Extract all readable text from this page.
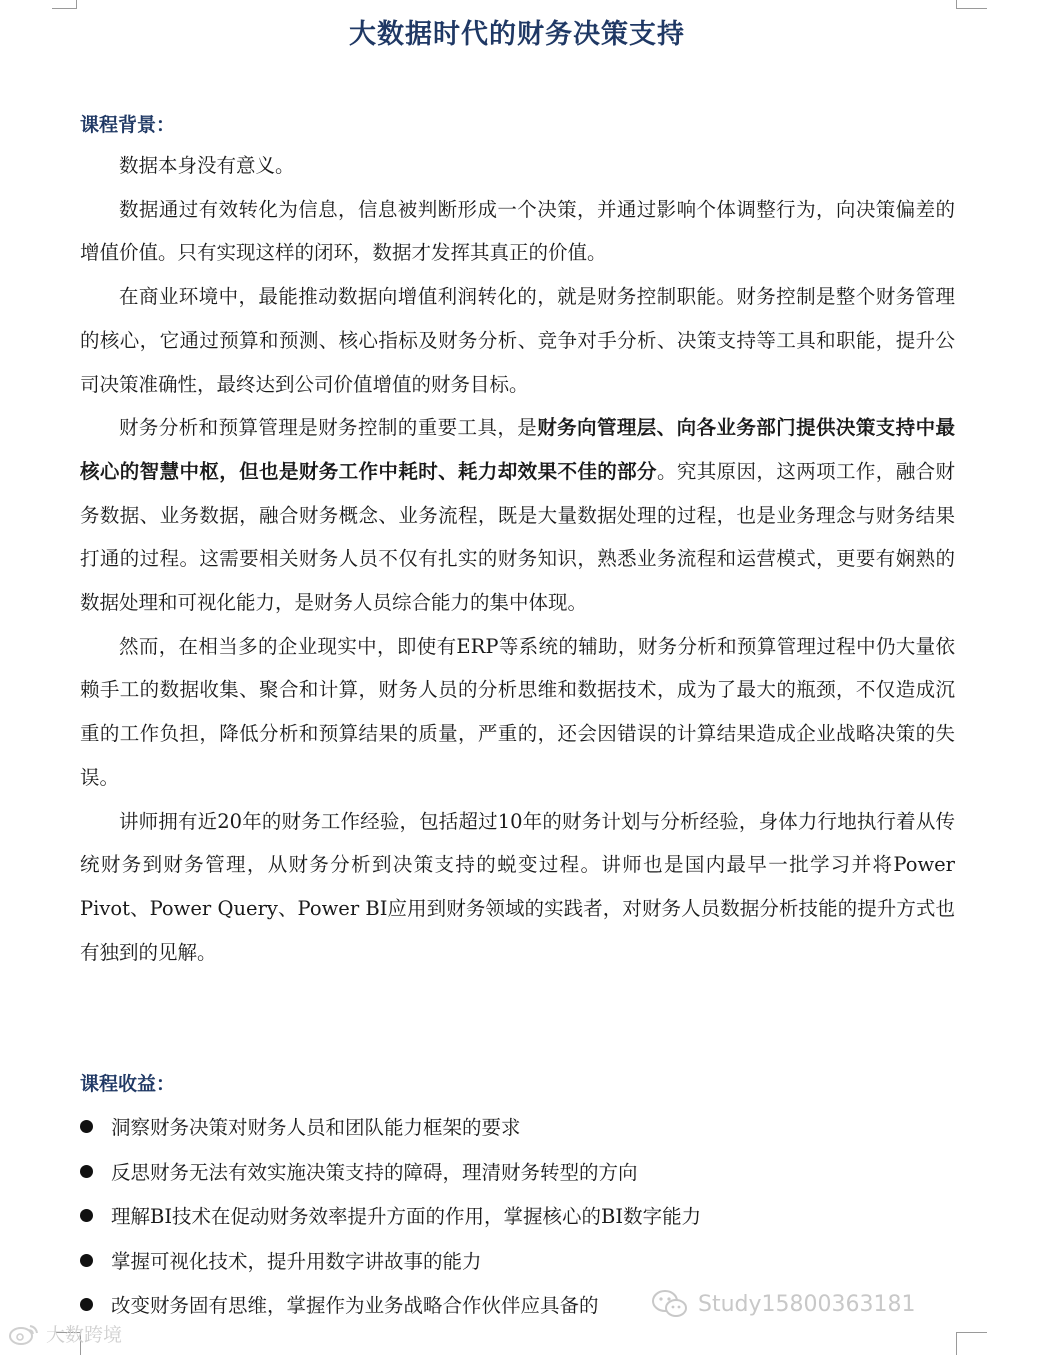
大数据时代的财务决策支持
课程背景：

数据本身没有意义。

数据通过有效转化为信息，信息被判断形成一个决策，并通过影响个体调整行为，向决策偏差的增值价值。只有实现这样的闭环，数据才发挥其真正的价值。

在商业环境中，最能推动数据向增值利润转化的，就是财务控制职能。财务控制是整个财务管理的核心，它通过预算和预测、核心指标及财务分析、竞争对手分析、决策支持等工具和职能，提升公司决策准确性，最终达到公司价值增值的财务目标。

财务分析和预算管理是财务控制的重要工具，是财务向管理层、向各业务部门提供决策支持中最核心的智慧中枢，但也是财务工作中耗时、耗力却效果不佳的部分。究其原因，这两项工作，融合财务数据、业务数据，融合财务概念、业务流程，既是大量数据处理的过程，也是业务理念与财务结果打通的过程。这需要相关财务人员不仅有扎实的财务知识，熟悉业务流程和运营模式，更要有娴熟的数据处理和可视化能力，是财务人员综合能力的集中体现。

然而，在相当多的企业现实中，即使有ERP等系统的辅助，财务分析和预算管理过程中仍大量依赖手工的数据收集、聚合和计算，财务人员的分析思维和数据技术，成为了最大的瓶颈，不仅造成沉重的工作负担，降低分析和预算结果的质量，严重的，还会因错误的计算结果造成企业战略决策的失误。

讲师拥有近20年的财务工作经验，包括超过10年的财务计划与分析经验，身体力行地执行着从传统财务到财务管理，从财务分析到决策支持的蜕变过程。讲师也是国内最早一批学习并将Power Pivot、Power Query、Power BI应用到财务领域的实践者，对财务人员数据分析技能的提升方式也有独到的见解。

课程收益：
洞察财务决策对财务人员和团队能力框架的要求
反思财务无法有效实施决策支持的障碍，理清财务转型的方向
理解BI技术在促动财务效率提升方面的作用，掌握核心的BI数字能力
掌握可视化技术，提升用数字讲故事的能力
改变财务固有思维，掌握作为业务战略合作伙伴应具备的
大数跨境
Study15800363181
